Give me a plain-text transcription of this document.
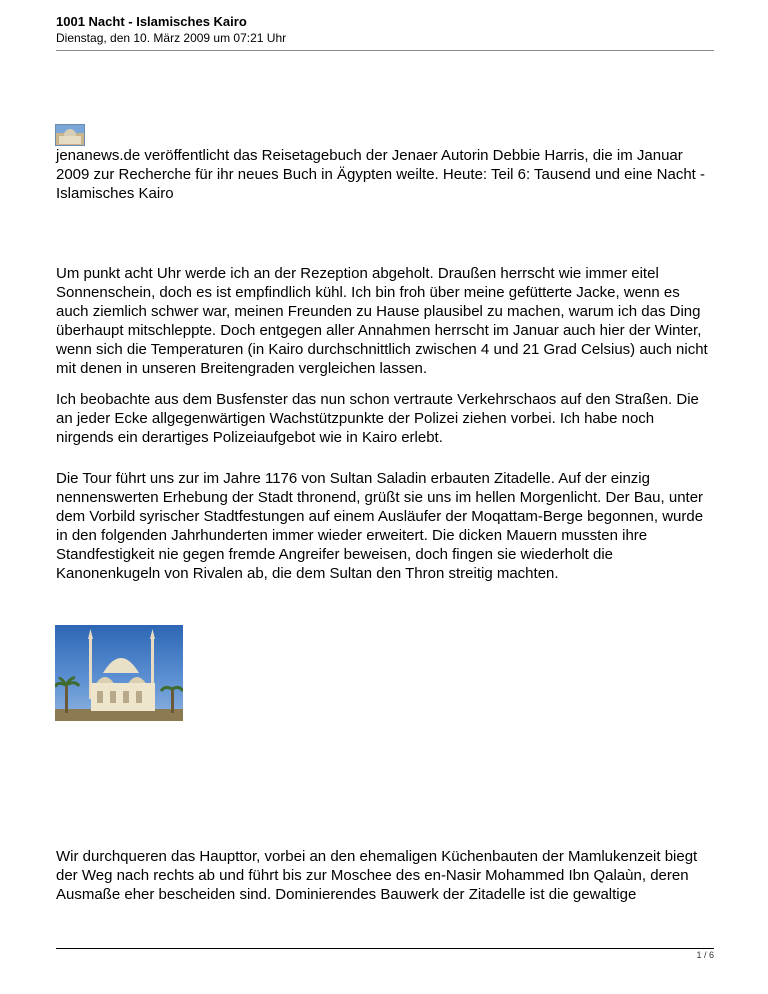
1001 Nacht - Islamisches Kairo
Dienstag, den 10. März 2009 um 07:21 Uhr

jenanews.de veröffentlicht das Reisetagebuch der Jenaer Autorin Debbie Harris, die im Januar 2009 zur Recherche für ihr neues Buch in Ägypten weilte. Heute: Teil 6: Tausend und eine Nacht - Islamisches Kairo

Um punkt acht Uhr werde ich an der Rezeption abgeholt. Draußen herrscht wie immer eitel Sonnenschein, doch es ist empfindlich kühl. Ich bin froh über meine gefütterte Jacke, wenn es auch ziemlich schwer war, meinen Freunden zu Hause plausibel zu machen, warum ich das Ding überhaupt mitschleppte. Doch entgegen aller Annahmen herrscht im Januar auch hier der Winter, wenn sich die Temperaturen (in Kairo durchschnittlich zwischen 4 und 21 Grad Celsius) auch nicht mit denen in unseren Breitengraden vergleichen lassen.

Ich beobachte aus dem Busfenster das nun schon vertraute Verkehrschaos auf den Straßen. Die an jeder Ecke allgegenwärtigen Wachstützpunkte der Polizei ziehen vorbei. Ich habe noch nirgends ein derartiges Polizeiaufgebot wie in Kairo erlebt.

Die Tour führt uns zur im Jahre 1176 von Sultan Saladin erbauten Zitadelle. Auf der einzig nennenswerten Erhebung der Stadt thronend, grüßt sie uns im hellen Morgenlicht. Der Bau, unter dem Vorbild syrischer Stadtfestungen auf einem Ausläufer der Moqattam-Berge begonnen, wurde in den folgenden Jahrhunderten immer wieder erweitert. Die dicken Mauern mussten ihre Standfestigkeit nie gegen fremde Angreifer beweisen, doch fingen sie wiederholt die Kanonenkugeln von Rivalen ab, die dem Sultan den Thron streitig machten.

Wir durchqueren das Haupttor, vorbei an den ehemaligen Küchenbauten der Mamlukenzeit biegt der Weg nach rechts ab und führt bis zur Moschee des en-Nasir Mohammed Ibn Qalaùn, deren Ausmaße eher bescheiden sind. Dominierendes Bauwerk der Zitadelle ist die gewaltige

1 / 6
